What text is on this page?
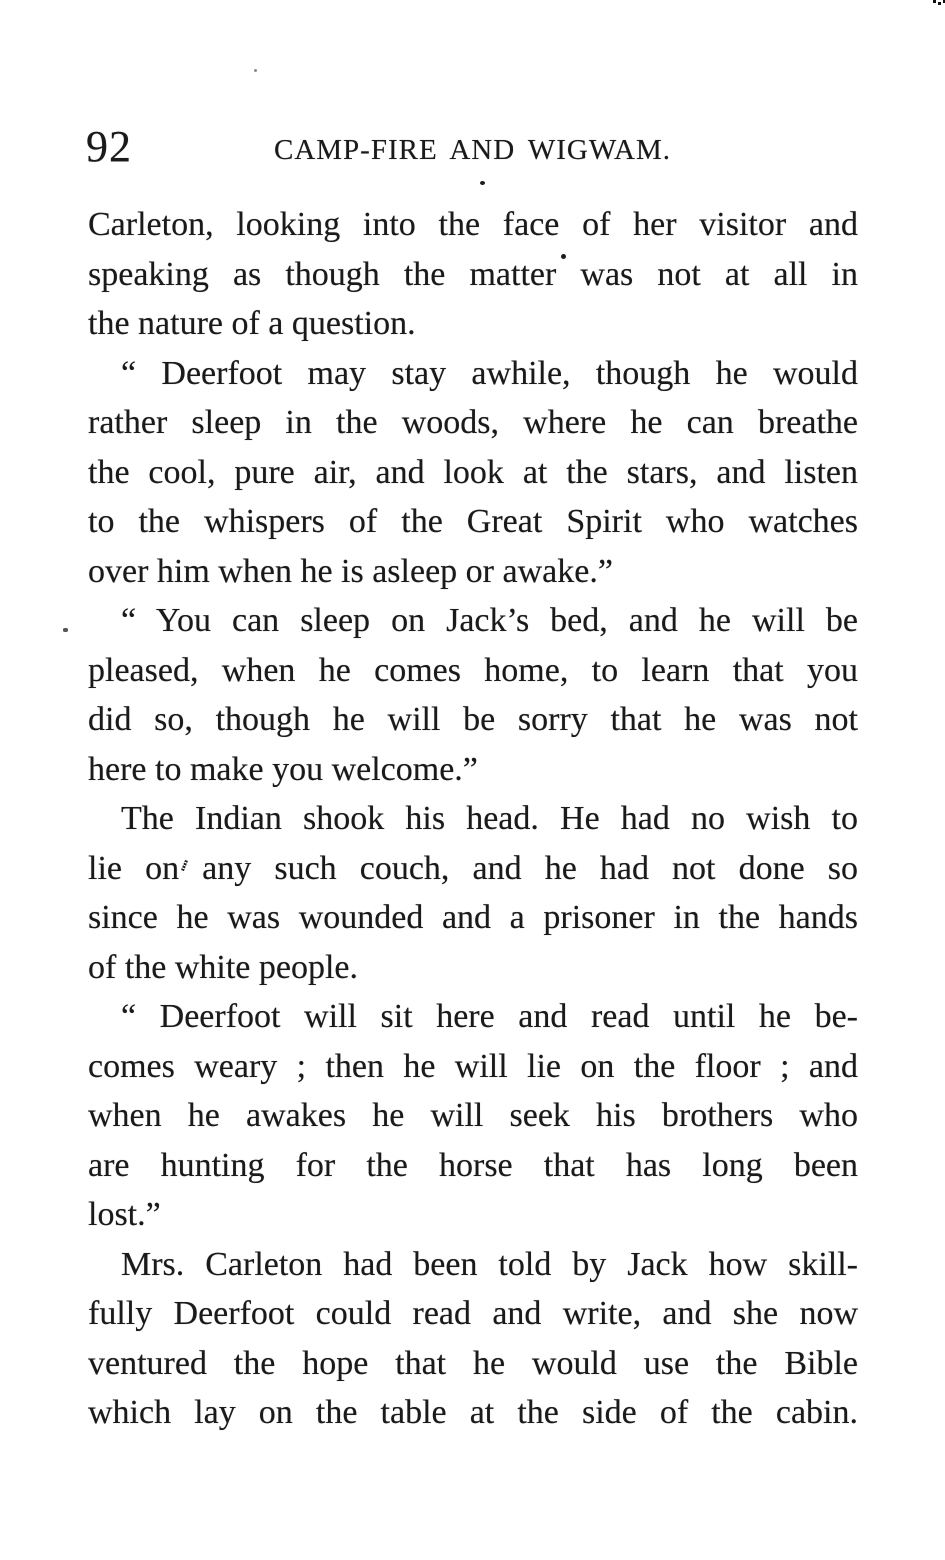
92	CAMP-FIRE AND WIGWAM.

Carleton, looking into the face of her visitor and
speaking as though the matter was not at all in
the nature of a question.

“ Deerfoot may stay awhile, though he would
rather sleep in the woods, where he can breathe
the cool, pure air, and look at the stars, and listen
to the whispers of the Great Spirit who watches
over him when he is asleep or awake.”

“ You can sleep on Jack’s bed, and he will be
pleased, when he comes home, to learn that you
did so, though he will be sorry that he was not
here to make you welcome.”

The Indian shook his head. He had no wish to
lie on any such couch, and he had not done so
since he was wounded and a prisoner in the hands
of the white people.

“ Deerfoot will sit here and read until he be-
comes weary ; then he will lie on the floor ; and
when he awakes he will seek his brothers who
are hunting for the horse that has long been
lost.”

Mrs. Carleton had been told by Jack how skill-
fully Deerfoot could read and write, and she now
ventured the hope that he would use the Bible
which lay on the table at the side of the cabin.
